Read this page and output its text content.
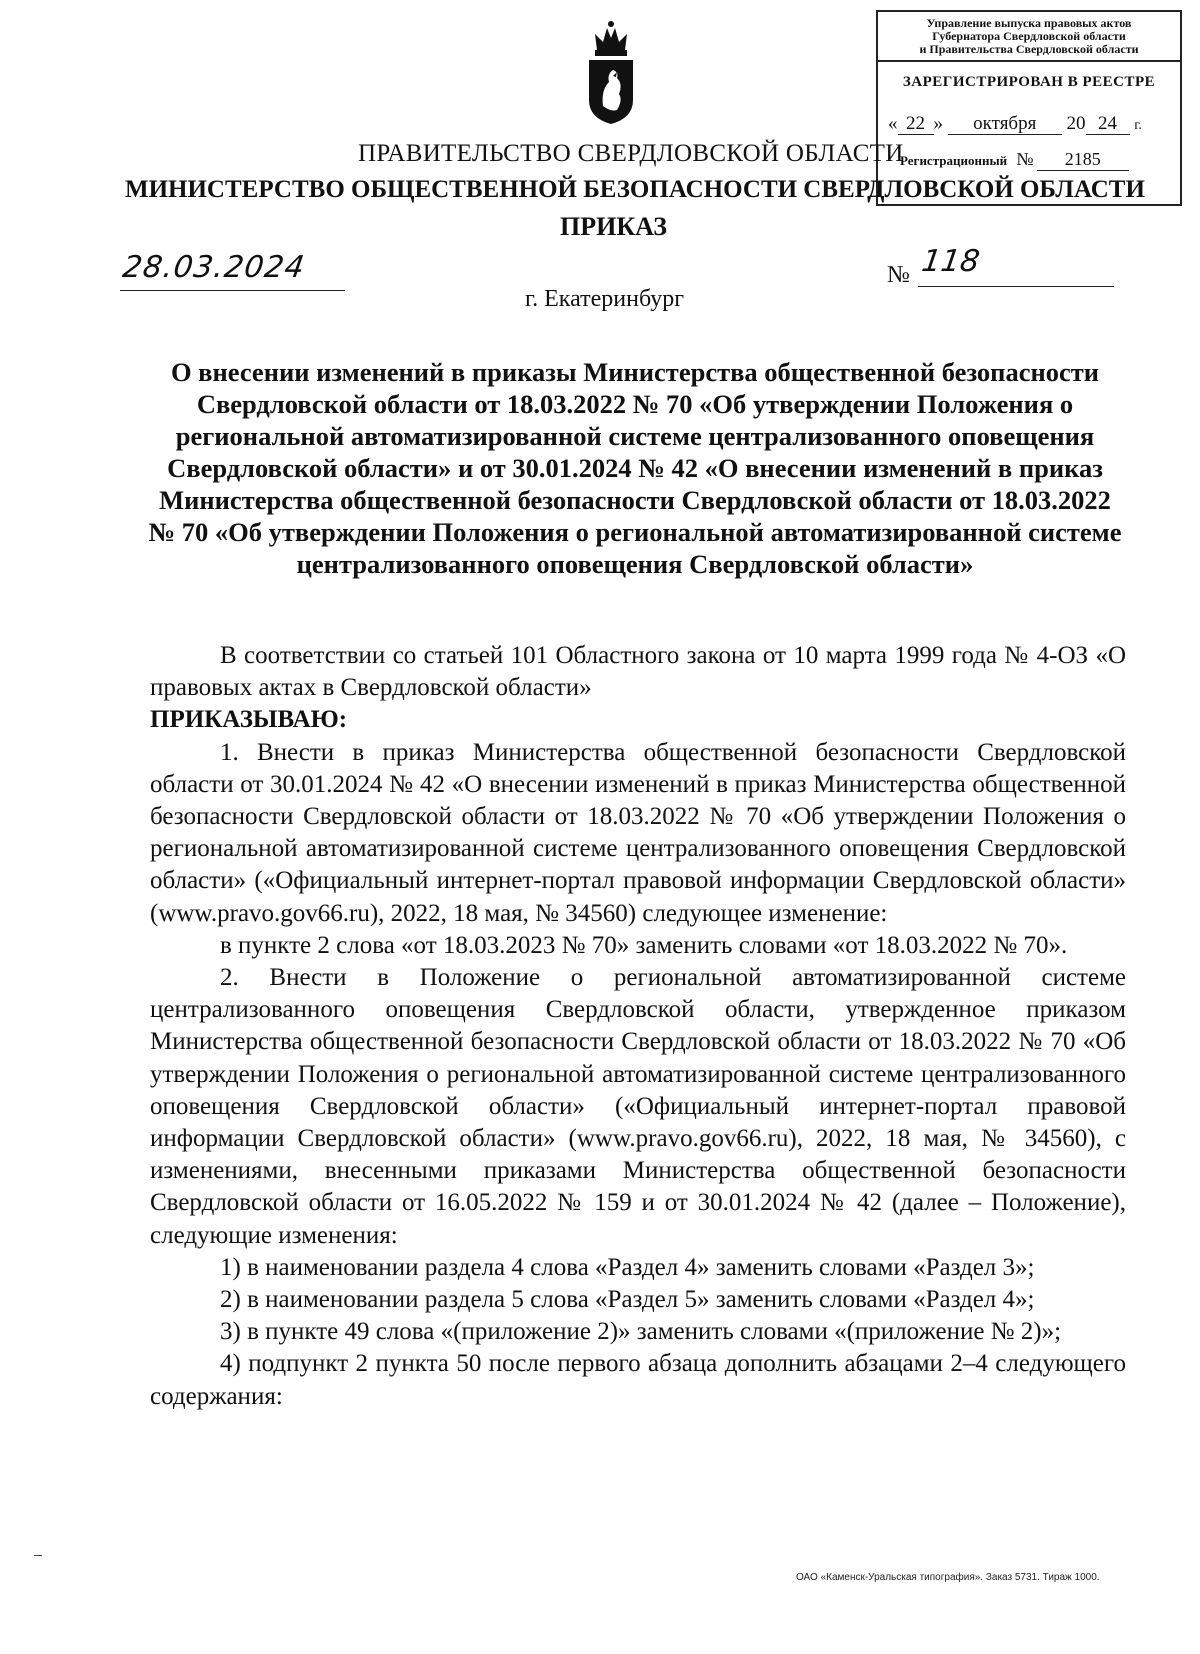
Управление выпуска правовых актов
Губернатора Свердловской области
и Правительства Свердловской области
ЗАРЕГИСТРИРОВАН В РЕЕСТРЕ
« 22 » октября 20 24 г.
Регистрационный № 2185
ПРАВИТЕЛЬСТВО СВЕРДЛОВСКОЙ ОБЛАСТИ
МИНИСТЕРСТВО ОБЩЕСТВЕННОЙ БЕЗОПАСНОСТИ СВЕРДЛОВСКОЙ ОБЛАСТИ
ПРИКАЗ
28.03.2024	№ 118
г. Екатеринбург
О внесении изменений в приказы Министерства общественной безопасности Свердловской области от 18.03.2022 № 70 «Об утверждении Положения о региональной автоматизированной системе централизованного оповещения Свердловской области» и от 30.01.2024 № 42 «О внесении изменений в приказ Министерства общественной безопасности Свердловской области от 18.03.2022 № 70 «Об утверждении Положения о региональной автоматизированной системе централизованного оповещения Свердловской области»

В соответствии со статьей 101 Областного закона от 10 марта 1999 года № 4-ОЗ «О правовых актах в Свердловской области»

ПРИКАЗЫВАЮ:

1. Внести в приказ Министерства общественной безопасности Свердловской области от 30.01.2024 № 42 «О внесении изменений в приказ Министерства общественной безопасности Свердловской области от 18.03.2022 № 70 «Об утверждении Положения о региональной автоматизированной системе централизованного оповещения Свердловской области» («Официальный интернет-портал правовой информации Свердловской области» (www.pravo.gov66.ru), 2022, 18 мая, № 34560) следующее изменение:

в пункте 2 слова «от 18.03.2023 № 70» заменить словами «от 18.03.2022 № 70».

2. Внести в Положение о региональной автоматизированной системе централизованного оповещения Свердловской области, утвержденное приказом Министерства общественной безопасности Свердловской области от 18.03.2022 № 70 «Об утверждении Положения о региональной автоматизированной системе централизованного оповещения Свердловской области» («Официальный интернет-портал правовой информации Свердловской области» (www.pravo.gov66.ru), 2022, 18 мая, № 34560), с изменениями, внесенными приказами Министерства общественной безопасности Свердловской области от 16.05.2022 № 159 и от 30.01.2024 № 42 (далее – Положение), следующие изменения:

1) в наименовании раздела 4 слова «Раздел 4» заменить словами «Раздел 3»;

2) в наименовании раздела 5 слова «Раздел 5» заменить словами «Раздел 4»;

3) в пункте 49 слова «(приложение 2)» заменить словами «(приложение № 2)»;

4) подпункт 2 пункта 50 после первого абзаца дополнить абзацами 2–4 следующего содержания:

ОАО «Каменск-Уральская типография». Заказ 5731. Тираж 1000.
